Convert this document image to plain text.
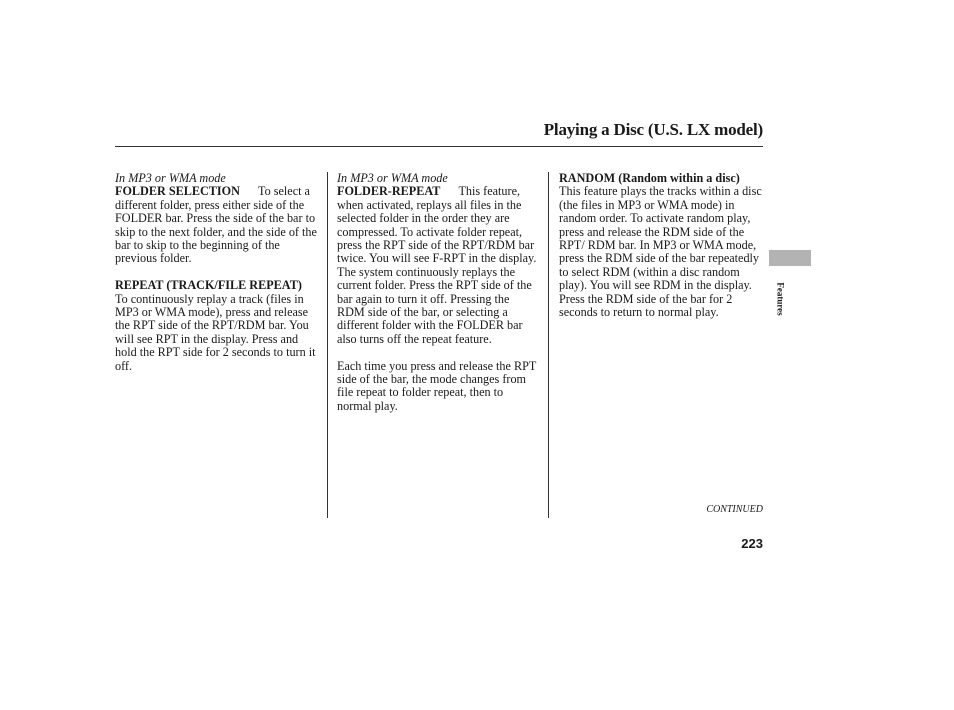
Playing a Disc (U.S. LX model)
In MP3 or WMA mode

FOLDER SELECTION To select a different folder, press either side of the FOLDER bar. Press the side of the bar to skip to the next folder, and the side of the bar to skip to the beginning of the previous folder.

REPEAT (TRACK/FILE REPEAT)     To continuously replay a track (files in MP3 or WMA mode), press and release the RPT side of the RPT/RDM bar. You will see RPT in the display. Press and hold the RPT side for 2 seconds to turn it off.

In MP3 or WMA mode

FOLDER-REPEAT This feature, when activated, replays all files in the selected folder in the order they are compressed. To activate folder repeat, press the RPT side of the RPT/RDM bar twice. You will see F-RPT in the display. The system continuously replays the current folder. Press the RPT side of the bar again to turn it off. Pressing the RDM side of the bar, or selecting a different folder with the FOLDER bar also turns off the repeat feature.

Each time you press and release the RPT side of the bar, the mode changes from file repeat to folder repeat, then to normal play.

RANDOM (Random within a disc)     This feature plays the tracks within a disc (the files in MP3 or WMA mode) in random order. To activate random play, press and release the RDM side of the RPT/ RDM bar. In MP3 or WMA mode, press the RDM side of the bar repeatedly to select RDM (within a disc random play). You will see RDM in the display. Press the RDM side of the bar for 2 seconds to return to normal play.	Features
CONTINUED
223
